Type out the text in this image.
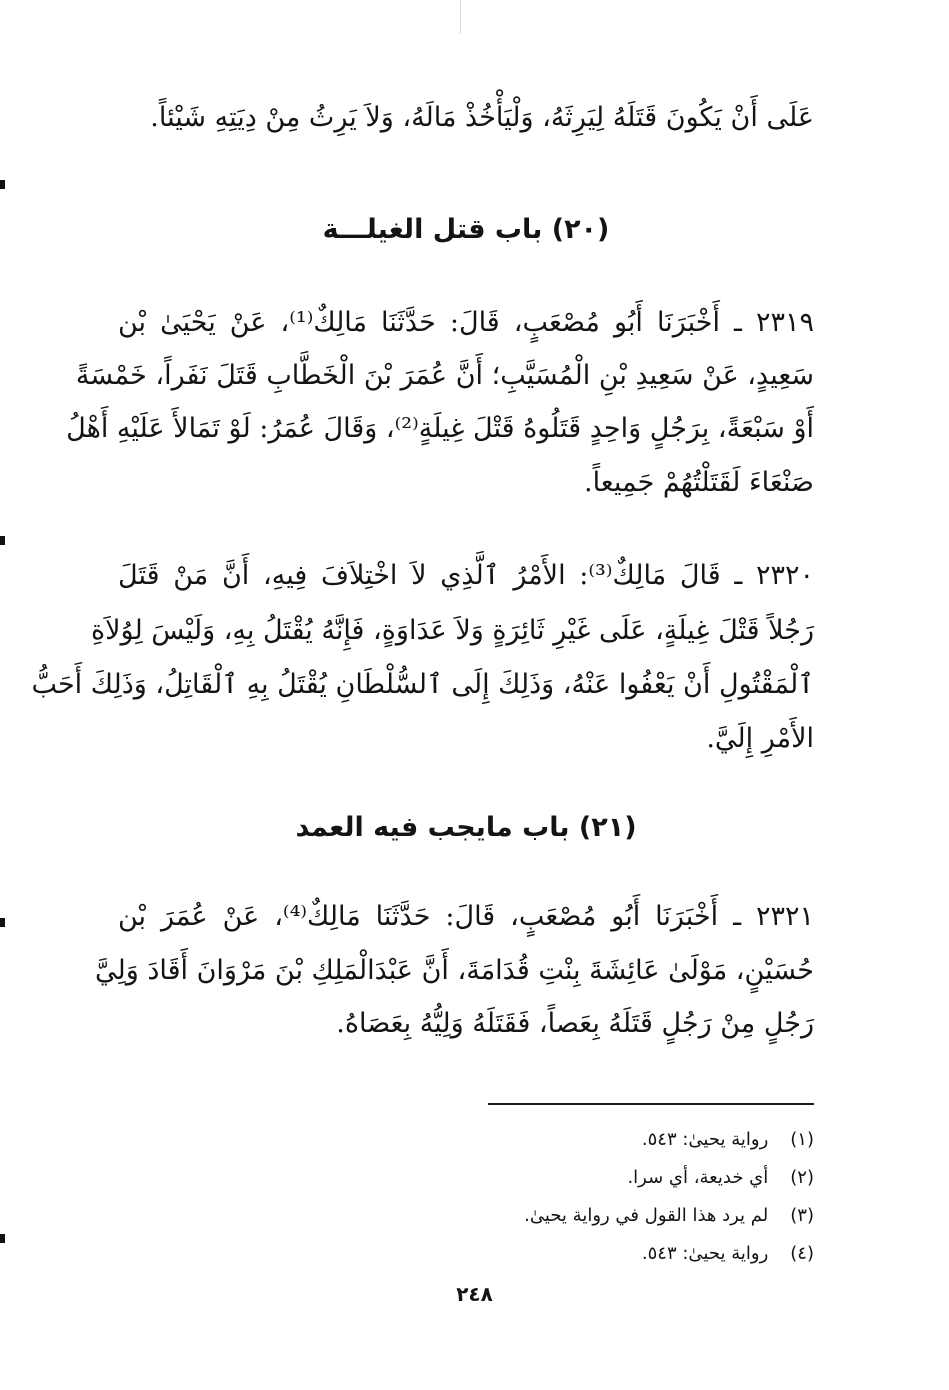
عَلَى أَنْ يَكُونَ قَتَلَهُ لِيَرِثَهُ، وَلْيَأْخُذْ مَالَهُ، وَلاَ يَرِثُ مِنْ دِيَتِهِ شَيْئاً.
(٢٠) باب قتل الغيلـــة
٢٣١٩ ـ أَخْبَرَنَا أَبُو مُصْعَبٍ، قَالَ: حَدَّثَنَا مَالِكٌ⁽¹⁾، عَنْ يَحْيَىٰ بْن
سَعِيدٍ، عَنْ سَعِيدِ بْنِ الْمُسَيَّبِ؛ أَنَّ عُمَرَ بْنَ الْخَطَّابِ قَتَلَ نَفَراً، خَمْسَةً
أَوْ سَبْعَةً، بِرَجُلٍ وَاحِدٍ قَتَلُوهُ قَتْلَ غِيلَةٍ⁽²⁾، وَقَالَ عُمَرُ: لَوْ تَمَالأَ عَلَيْهِ أَهْلُ
صَنْعَاءَ لَقَتَلْتُهُمْ جَمِيعاً.
٢٣٢٠ ـ قَالَ مَالِكٌ⁽³⁾: الأَمْرُ ٱلَّذِي لاَ اخْتِلاَفَ فِيهِ، أَنَّ مَنْ قَتَلَ
رَجُلاً قَتْلَ غِيلَةٍ، عَلَى غَيْرِ ثَائِرَةٍ وَلاَ عَدَاوَةٍ، فَإِنَّهُ يُقْتَلُ بِهِ، وَلَيْسَ لِوُلاَةِ
ٱلْمَقْتُولِ أَنْ يَعْفُوا عَنْهُ، وَذَلِكَ إِلَى ٱلسُّلْطَانِ يُقْتَلُ بِهِ ٱلْقَاتِلُ، وَذَلِكَ أَحَبُّ
الأَمْرِ إِلَيَّ.
(٢١) باب مايجب فيه العمد
٢٣٢١ ـ أَخْبَرَنَا أَبُو مُصْعَبٍ، قَالَ: حَدَّثَنَا مَالِكٌ⁽⁴⁾، عَنْ عُمَرَ بْن
حُسَيْنٍ، مَوْلَىٰ عَائِشَةَ بِنْتِ قُدَامَةَ، أَنَّ عَبْدَالْمَلِكِ بْنَ مَرْوَانَ أَقَادَ وَلِيَّ
رَجُلٍ مِنْ رَجُلٍ قَتَلَهُ بِعَصاً، فَقَتَلَهُ وَلِيُّهُ بِعَصَاهُ.
(١) رواية يحيىٰ: ٥٤٣.
(٢) أي خديعة، أي سرا.
(٣) لم يرد هذا القول في رواية يحيىٰ.
(٤) رواية يحيىٰ: ٥٤٣.
٢٤٨
